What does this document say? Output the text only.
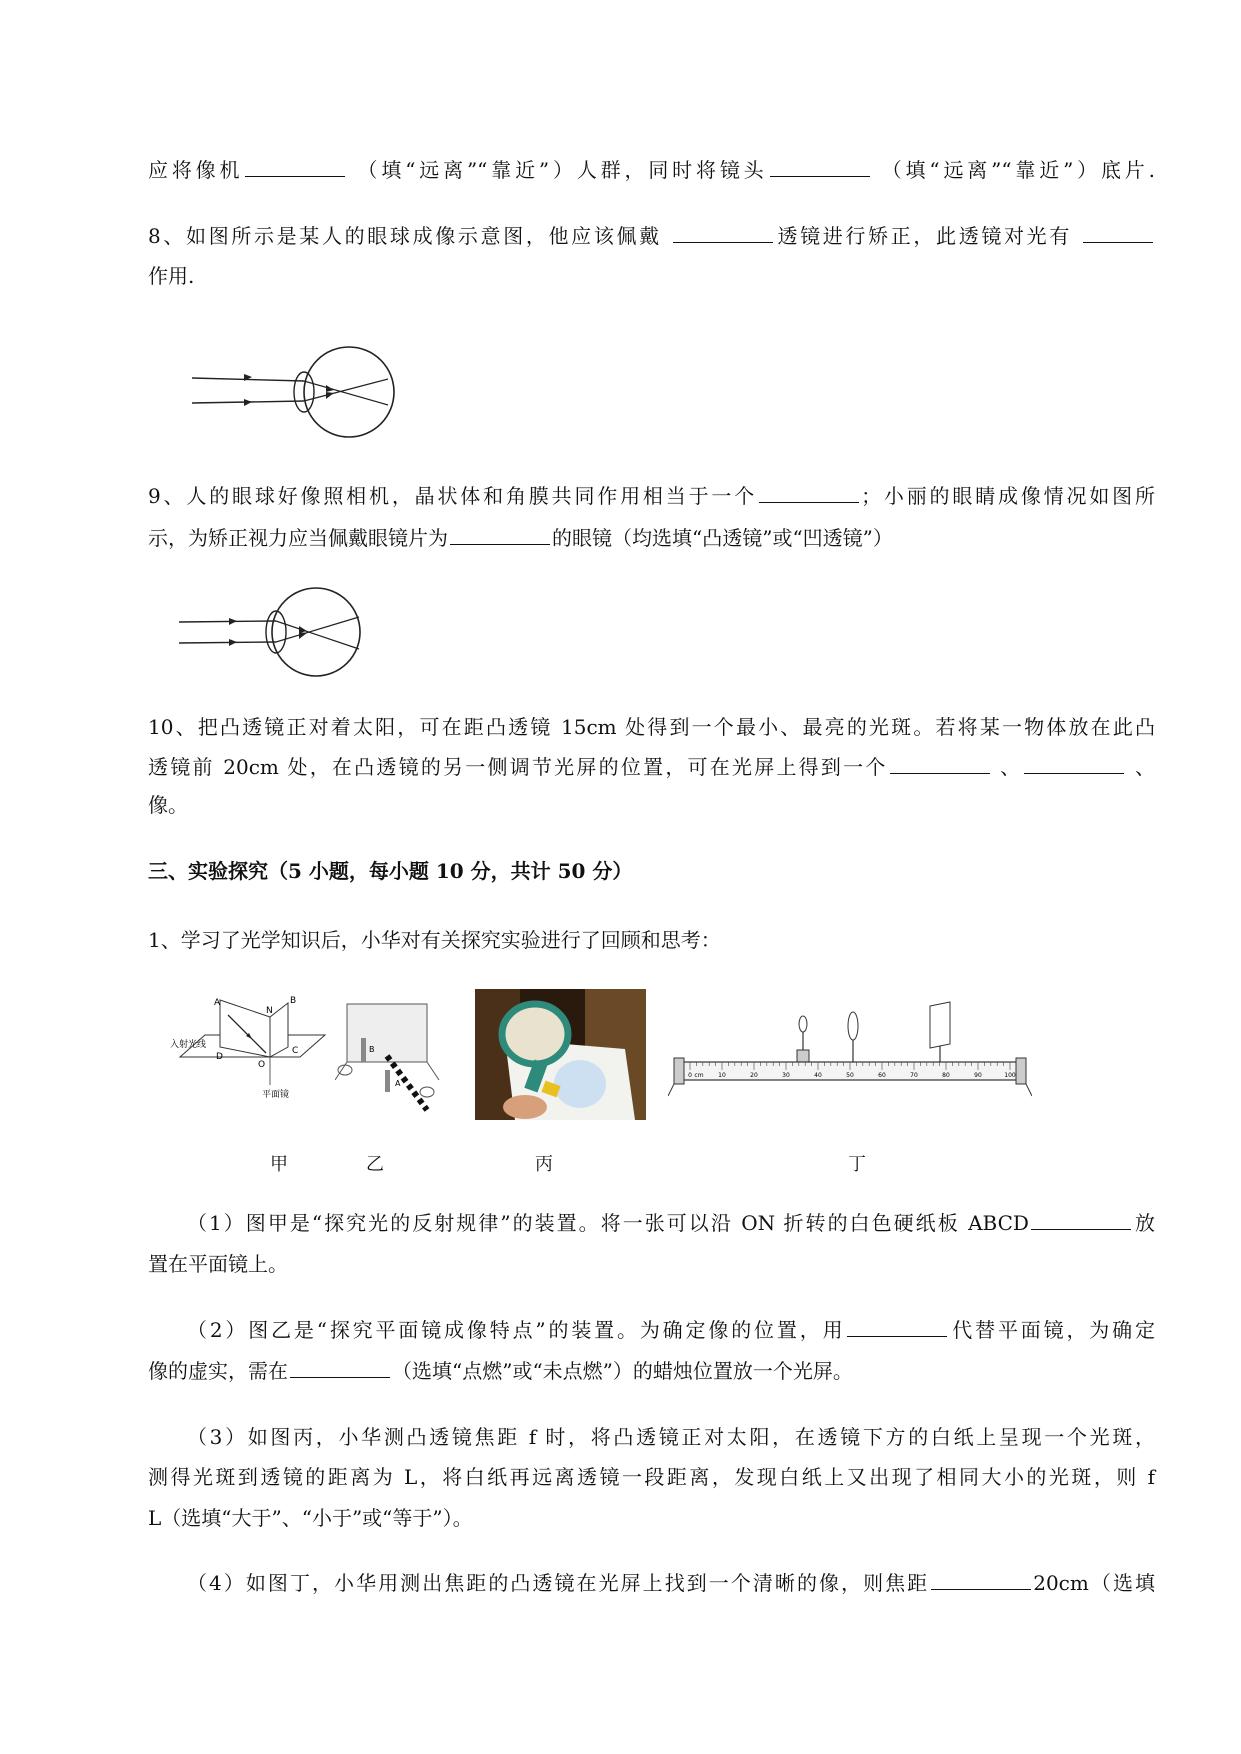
应将像机	（填“远离”“靠近”）人群，同时将镜头	（填“远离”“靠近”）底片.
8、如图所示是某人的眼球成像示意图，他应该佩戴	透镜进行矫正，此透镜对光有
作用.
9、人的眼球好像照相机，晶状体和角膜共同作用相当于一个	；小丽的眼睛成像情况如图所
示，为矫正视力应当佩戴眼镜片为	的眼镜（均选填“凸透镜”或“凹透镜”）
10、把凸透镜正对着太阳，可在距凸透镜 15cm 处得到一个最小、最亮的光斑。若将某一物体放在此凸
透镜前 20cm 处，在凸透镜的另一侧调节光屏的位置，可在光屏上得到一个	、	、
像。
三、实验探究（5 小题，每小题 10 分，共计 50 分）
1、学习了光学知识后，小华对有关探究实验进行了回顾和思考：
A
N
B
入射光线
D
O
C
平面镜
B
A
0 cm 10	20	30	40	50	60	70	80	90	100
甲	乙	丙	丁
（1）图甲是“探究光的反射规律”的装置。将一张可以沿 ON 折转的白色硬纸板 ABCD	放
置在平面镜上。
（2）图乙是“探究平面镜成像特点”的装置。为确定像的位置，用	代替平面镜，为确定
像的虚实，需在	（选填“点燃”或“未点燃”）的蜡烛位置放一个光屏。
（3）如图丙，小华测凸透镜焦距 f 时，将凸透镜正对太阳，在透镜下方的白纸上呈现一个光斑，
测得光斑到透镜的距离为 L，将白纸再远离透镜一段距离，发现白纸上又出现了相同大小的光斑，则 f
L（选填“大于”、“小于”或“等于”）。
（4）如图丁，小华用测出焦距的凸透镜在光屏上找到一个清晰的像，则焦距	20cm（选填
